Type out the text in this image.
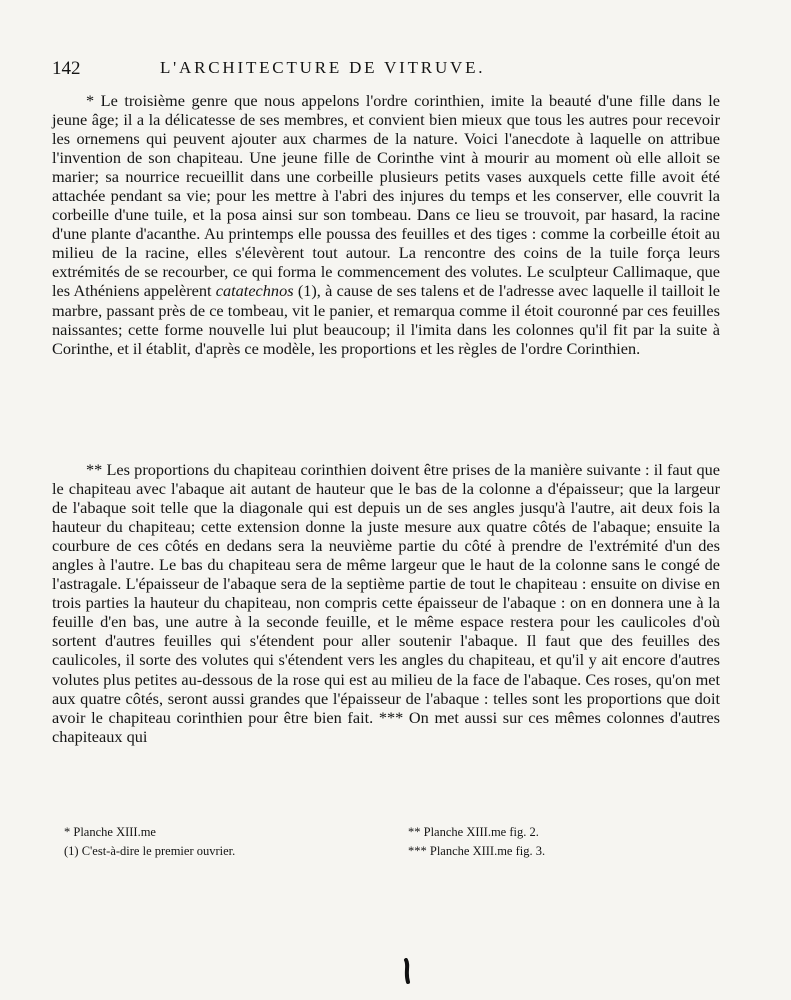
142	L'ARCHITECTURE DE VITRUVE.

* Le troisième genre que nous appelons l'ordre corinthien, imite la beauté d'une fille dans le jeune âge; il a la délicatesse de ses membres, et convient bien mieux que tous les autres pour recevoir les ornemens qui peuvent ajouter aux charmes de la nature. Voici l'anecdote à laquelle on attribue l'invention de son chapiteau. Une jeune fille de Corinthe vint à mourir au moment où elle alloit se marier; sa nourrice recueillit dans une corbeille plusieurs petits vases auxquels cette fille avoit été attachée pendant sa vie; pour les mettre à l'abri des injures du temps et les conserver, elle couvrit la corbeille d'une tuile, et la posa ainsi sur son tombeau. Dans ce lieu se trouvoit, par hasard, la racine d'une plante d'acanthe. Au printemps elle poussa des feuilles et des tiges : comme la corbeille étoit au milieu de la racine, elles s'élevèrent tout autour. La rencontre des coins de la tuile força leurs extrémités de se recourber, ce qui forma le commencement des volutes. Le sculpteur Callimaque, que les Athéniens appelèrent catatechnos (1), à cause de ses talens et de l'adresse avec laquelle il tailloit le marbre, passant près de ce tombeau, vit le panier, et remarqua comme il étoit couronné par ces feuilles naissantes; cette forme nouvelle lui plut beaucoup; il l'imita dans les colonnes qu'il fit par la suite à Corinthe, et il établit, d'après ce modèle, les proportions et les règles de l'ordre Corinthien.

** Les proportions du chapiteau corinthien doivent être prises de la manière suivante : il faut que le chapiteau avec l'abaque ait autant de hauteur que le bas de la colonne a d'épaisseur; que la largeur de l'abaque soit telle que la diagonale qui est depuis un de ses angles jusqu'à l'autre, ait deux fois la hauteur du chapiteau; cette extension donne la juste mesure aux quatre côtés de l'abaque; ensuite la courbure de ces côtés en dedans sera la neuvième partie du côté à prendre de l'extrémité d'un des angles à l'autre. Le bas du chapiteau sera de même largeur que le haut de la colonne sans le congé de l'astragale. L'épaisseur de l'abaque sera de la septième partie de tout le chapiteau : ensuite on divise en trois parties la hauteur du chapiteau, non compris cette épaisseur de l'abaque : on en donnera une à la feuille d'en bas, une autre à la seconde feuille, et le même espace restera pour les caulicoles d'où sortent d'autres feuilles qui s'étendent pour aller soutenir l'abaque. Il faut que des feuilles des caulicoles, il sorte des volutes qui s'étendent vers les angles du chapiteau, et qu'il y ait encore d'autres volutes plus petites au-dessous de la rose qui est au milieu de la face de l'abaque. Ces roses, qu'on met aux quatre côtés, seront aussi grandes que l'épaisseur de l'abaque : telles sont les proportions que doit avoir le chapiteau corinthien pour être bien fait. *** On met aussi sur ces mêmes colonnes d'autres chapiteaux qui

* Planche XIII.me
(1) C'est-à-dire le premier ouvrier.
** Planche XIII.me fig. 2.
*** Planche XIII.me fig. 3.
